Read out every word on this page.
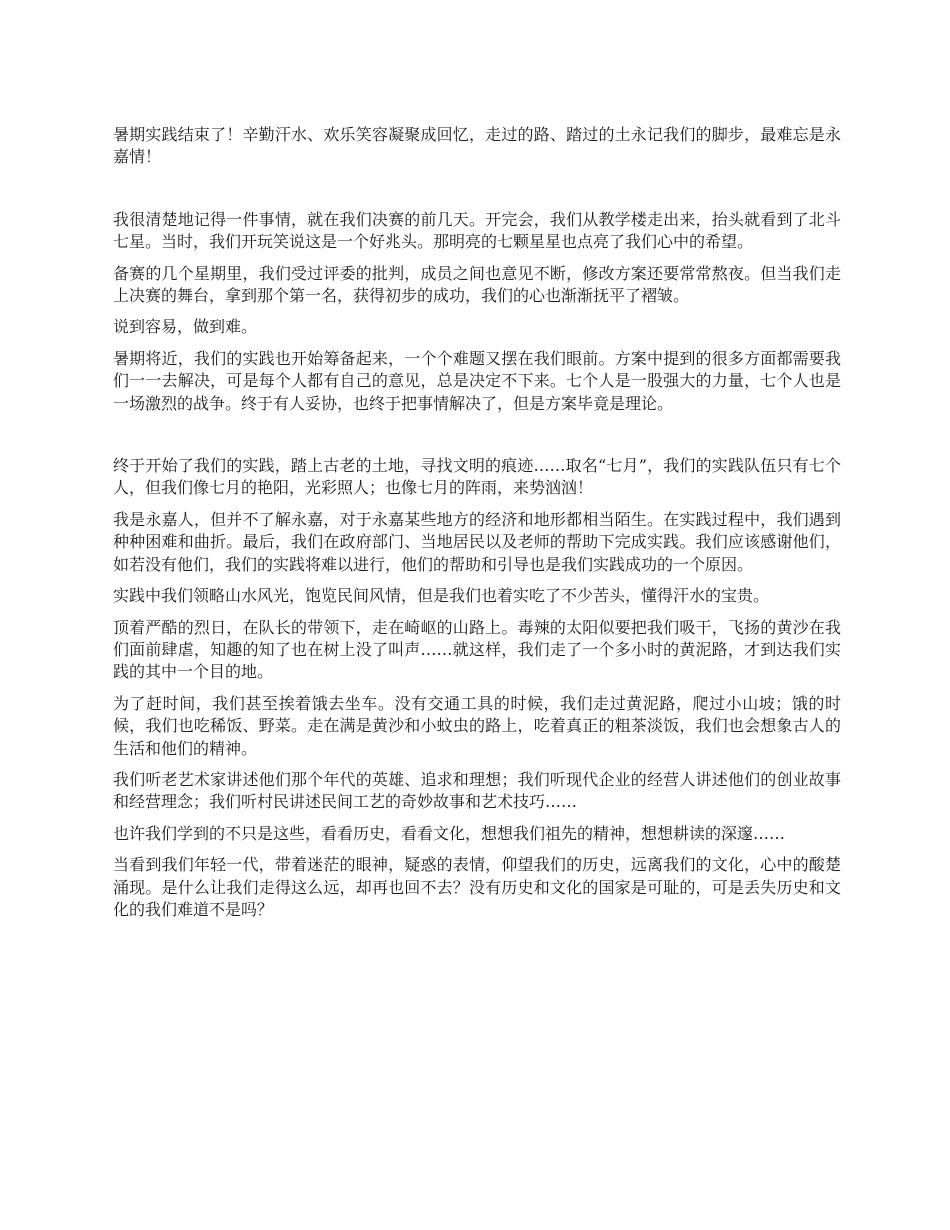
暑期实践结束了！辛勤汗水、欢乐笑容凝聚成回忆，走过的路、踏过的土永记我们的脚步，最难忘是永嘉情！

我很清楚地记得一件事情，就在我们决赛的前几天。开完会，我们从教学楼走出来，抬头就看到了北斗七星。当时，我们开玩笑说这是一个好兆头。那明亮的七颗星星也点亮了我们心中的希望。

备赛的几个星期里，我们受过评委的批判，成员之间也意见不断，修改方案还要常常熬夜。但当我们走上决赛的舞台，拿到那个第一名，获得初步的成功，我们的心也渐渐抚平了褶皱。

说到容易，做到难。

暑期将近，我们的实践也开始筹备起来，一个个难题又摆在我们眼前。方案中提到的很多方面都需要我们一一去解决，可是每个人都有自己的意见，总是决定不下来。七个人是一股强大的力量，七个人也是一场激烈的战争。终于有人妥协，也终于把事情解决了，但是方案毕竟是理论。

终于开始了我们的实践，踏上古老的土地，寻找文明的痕迹……取名“七月”，我们的实践队伍只有七个人，但我们像七月的艳阳，光彩照人；也像七月的阵雨，来势汹汹！

我是永嘉人，但并不了解永嘉，对于永嘉某些地方的经济和地形都相当陌生。在实践过程中，我们遇到种种困难和曲折。最后，我们在政府部门、当地居民以及老师的帮助下完成实践。我们应该感谢他们，如若没有他们，我们的实践将难以进行，他们的帮助和引导也是我们实践成功的一个原因。

实践中我们领略山水风光，饱览民间风情，但是我们也着实吃了不少苦头，懂得汗水的宝贵。

顶着严酷的烈日，在队长的带领下，走在崎岖的山路上。毒辣的太阳似要把我们吸干，飞扬的黄沙在我们面前肆虐，知趣的知了也在树上没了叫声……就这样，我们走了一个多小时的黄泥路，才到达我们实践的其中一个目的地。

为了赶时间，我们甚至挨着饿去坐车。没有交通工具的时候，我们走过黄泥路，爬过小山坡；饿的时候，我们也吃稀饭、野菜。走在满是黄沙和小蚊虫的路上，吃着真正的粗茶淡饭，我们也会想象古人的生活和他们的精神。

我们听老艺术家讲述他们那个年代的英雄、追求和理想；我们听现代企业的经营人讲述他们的创业故事和经营理念；我们听村民讲述民间工艺的奇妙故事和艺术技巧……

也许我们学到的不只是这些，看看历史，看看文化，想想我们祖先的精神，想想耕读的深邃……

当看到我们年轻一代，带着迷茫的眼神，疑惑的表情，仰望我们的历史，远离我们的文化，心中的酸楚涌现。是什么让我们走得这么远，却再也回不去？没有历史和文化的国家是可耻的，可是丢失历史和文化的我们难道不是吗？
